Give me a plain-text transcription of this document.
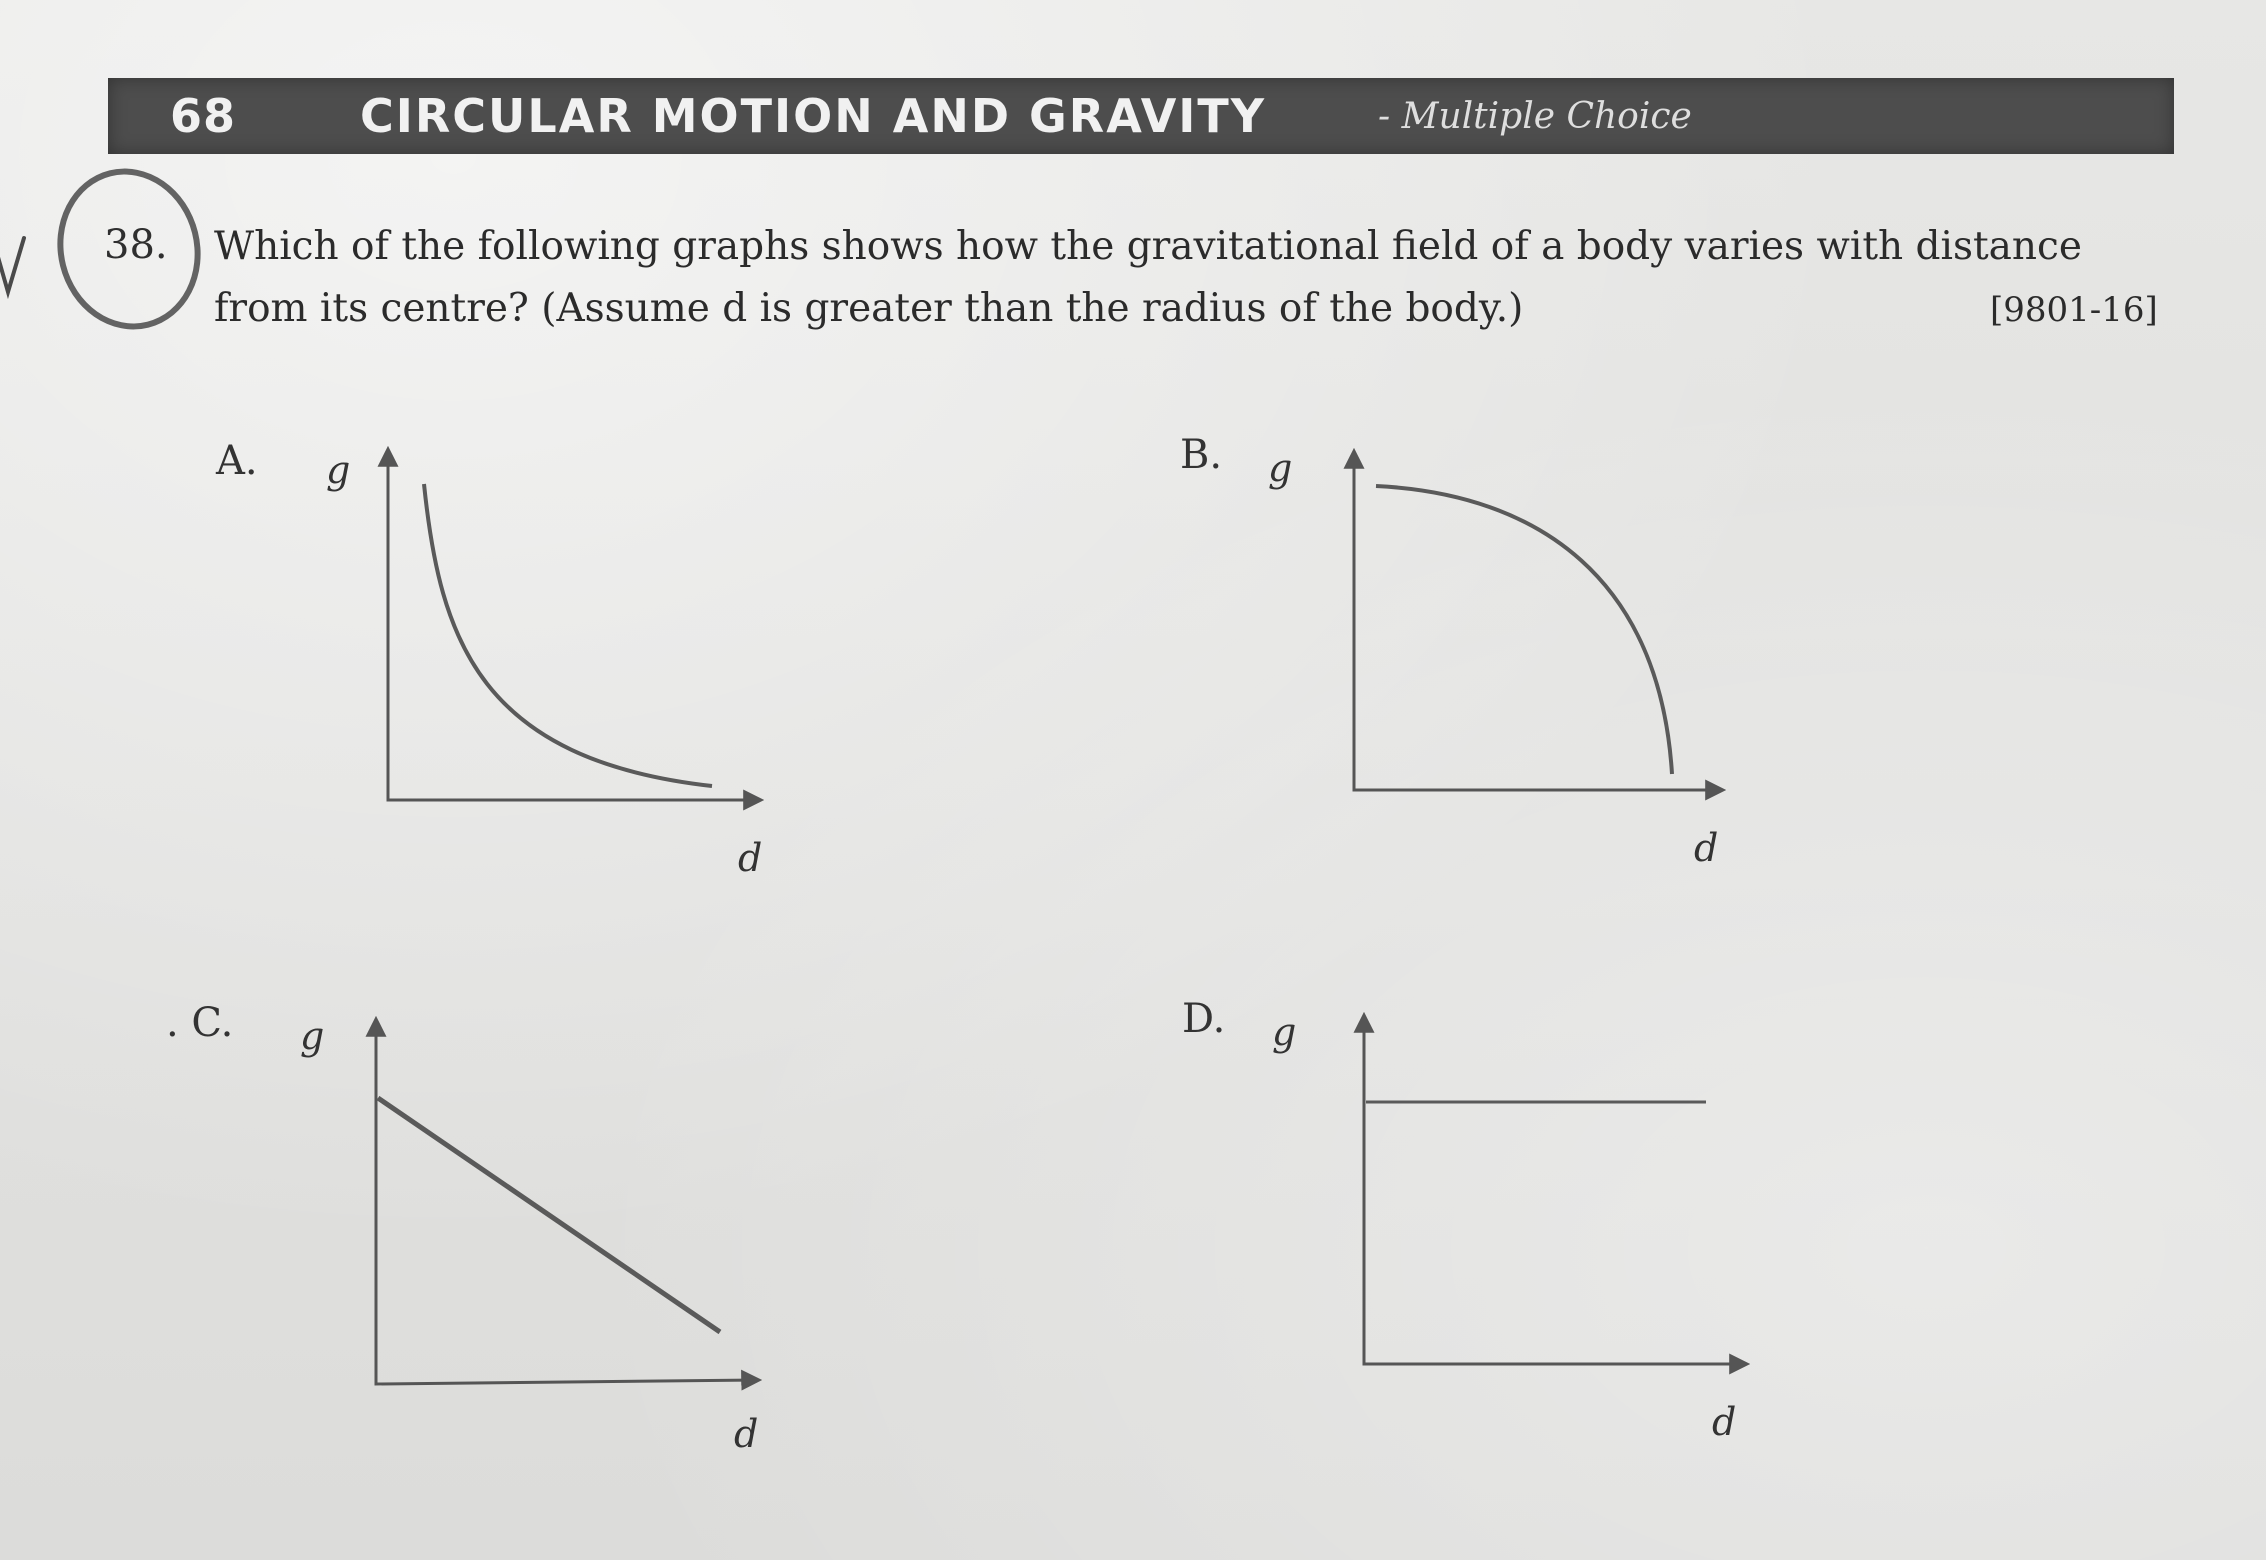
68	CIRCULAR MOTION AND GRAVITY	- Multiple Choice
38. Which of the following graphs shows how the gravitational field of a body varies with distance
from its centre? (Assume d is greater than the radius of the body.)	[9801-16]
A. g
d
B. g
d
. C. g
d
D. g
d
